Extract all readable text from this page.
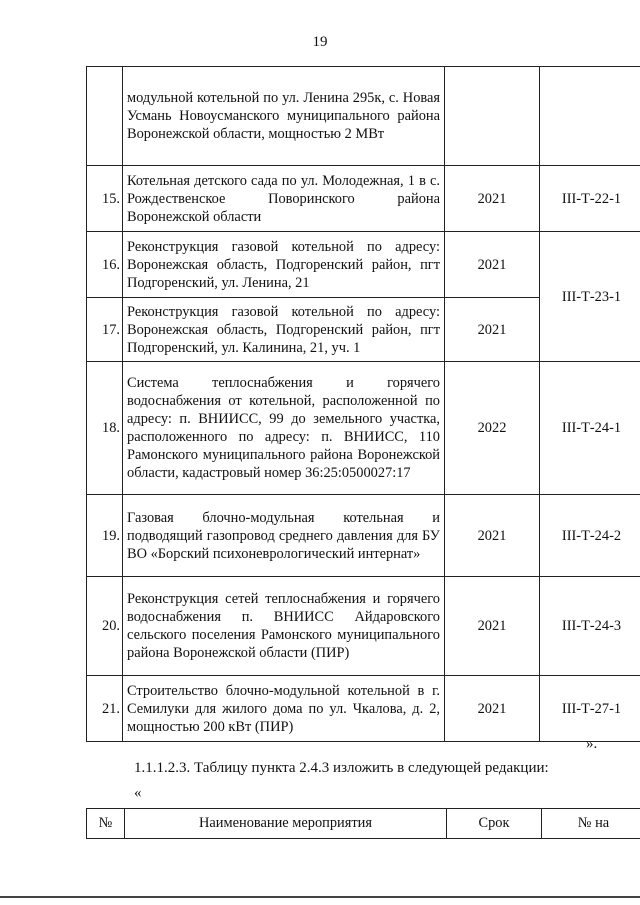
19

	модульной котельной по ул. Ленина 295к, с. Новая Усмань Новоусманского муниципального района Воронежской области, мощностью 2 МВт		

15.	Котельная детского сада по ул. Молодежная, 1 в с. Рождественское Поворинского района Воронежской области	2021	III-Т-22-1
16.	Реконструкция газовой котельной по адресу: Воронежская область, Подгоренский район, пгт Подгоренский, ул. Ленина, 21	2021	III-Т-23-1
17.	Реконструкция газовой котельной по адресу: Воронежская область, Подгоренский район, пгт Подгоренский, ул. Калинина, 21, уч. 1	2021	
18.	Система теплоснабжения и горячего водоснабжения от котельной, расположенной по адресу: п. ВНИИСС, 99 до земельного участка, расположенного по адресу: п. ВНИИСС, 110 Рамонского муниципального района Воронежской области, кадастровый номер 36:25:0500027:17	2022	III-Т-24-1
19.	Газовая блочно-модульная котельная и подводящий газопровод среднего давления для БУ ВО «Борский психоневрологический интернат»	2021	III-Т-24-2
20.	Реконструкция сетей теплоснабжения и горячего водоснабжения п. ВНИИСС Айдаровского сельского поселения Рамонского муниципального района Воронежской области (ПИР)	2021	III-Т-24-3
21.	Строительство блочно-модульной котельной в г. Семилуки для жилого дома по ул. Чкалова, д. 2, мощностью 200 кВт (ПИР)	2021	III-Т-27-1
».
1.1.1.2.3. Таблицу пункта 2.4.3 изложить в следующей редакции:
«
№	Наименование мероприятия	Срок	№ на
